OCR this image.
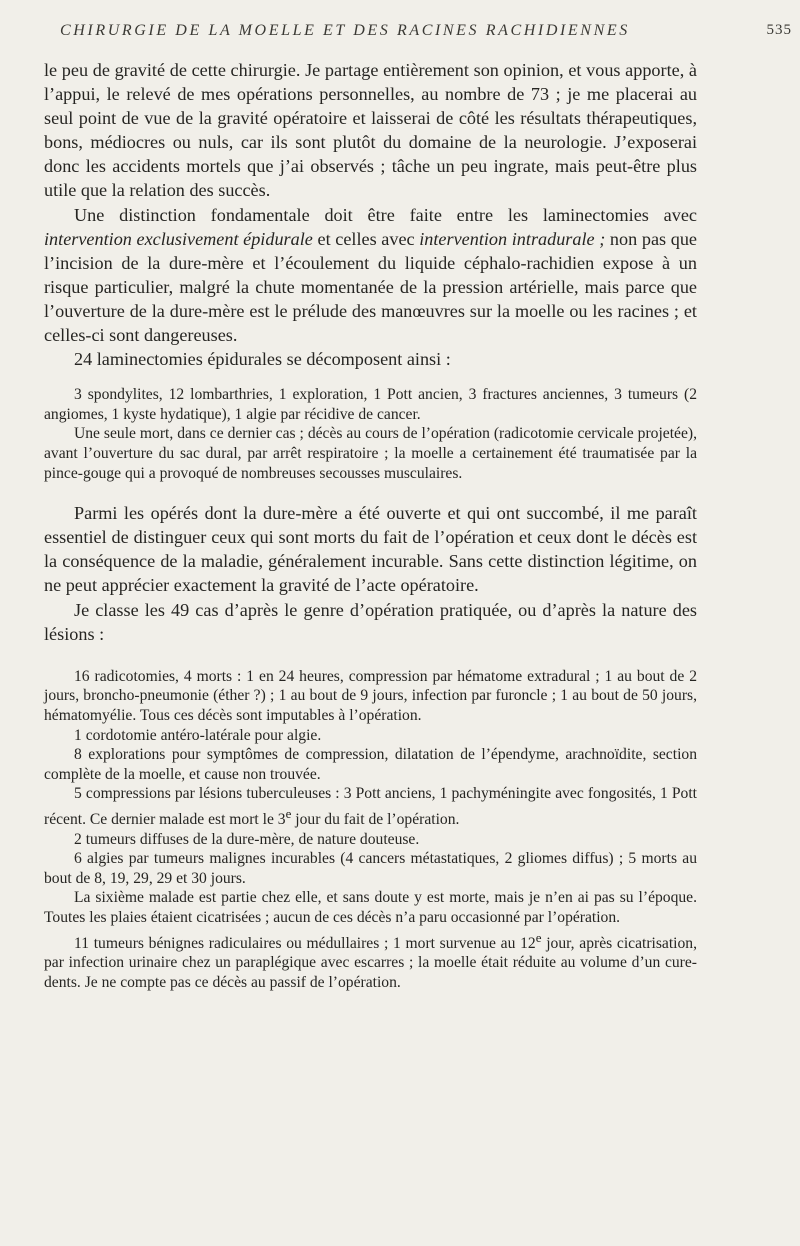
CHIRURGIE DE LA MOELLE ET DES RACINES RACHIDIENNES	535

le peu de gravité de cette chirurgie. Je partage entièrement son opinion, et vous apporte, à l’appui, le relevé de mes opérations personnelles, au nombre de 73 ; je me placerai au seul point de vue de la gravité opératoire et laisserai de côté les résultats thérapeutiques, bons, médiocres ou nuls, car ils sont plutôt du domaine de la neurologie. J’exposerai donc les accidents mortels que j’ai observés ; tâche un peu ingrate, mais peut-être plus utile que la relation des succès.

Une distinction fondamentale doit être faite entre les laminectomies avec intervention exclusivement épidurale et celles avec intervention intradurale ; non pas que l’incision de la dure-mère et l’écoulement du liquide céphalo-rachidien expose à un risque particulier, malgré la chute momentanée de la pression artérielle, mais parce que l’ouverture de la dure-mère est le prélude des manœuvres sur la moelle ou les racines ; et celles-ci sont dangereuses.

24 laminectomies épidurales se décomposent ainsi :

3 spondylites, 12 lombarthries, 1 exploration, 1 Pott ancien, 3 fractures anciennes, 3 tumeurs (2 angiomes, 1 kyste hydatique), 1 algie par récidive de cancer.

Une seule mort, dans ce dernier cas ; décès au cours de l’opération (radicotomie cervicale projetée), avant l’ouverture du sac dural, par arrêt respiratoire ; la moelle a certainement été traumatisée par la pince-gouge qui a provoqué de nombreuses secousses musculaires.

Parmi les opérés dont la dure-mère a été ouverte et qui ont succombé, il me paraît essentiel de distinguer ceux qui sont morts du fait de l’opération et ceux dont le décès est la conséquence de la maladie, généralement incurable. Sans cette distinction légitime, on ne peut apprécier exactement la gravité de l’acte opératoire.

Je classe les 49 cas d’après le genre d’opération pratiquée, ou d’après la nature des lésions :

16 radicotomies, 4 morts : 1 en 24 heures, compression par hématome extradural ; 1 au bout de 2 jours, broncho-pneumonie (éther ?) ; 1 au bout de 9 jours, infection par furoncle ; 1 au bout de 50 jours, hématomyélie. Tous ces décès sont imputables à l’opération.

1 cordotomie antéro-latérale pour algie.

8 explorations pour symptômes de compression, dilatation de l’épendyme, arachnoïdite, section complète de la moelle, et cause non trouvée.

5 compressions par lésions tuberculeuses : 3 Pott anciens, 1 pachyméningite avec fongosités, 1 Pott récent. Ce dernier malade est mort le 3e jour du fait de l’opération.

2 tumeurs diffuses de la dure-mère, de nature douteuse.

6 algies par tumeurs malignes incurables (4 cancers métastatiques, 2 gliomes diffus) ; 5 morts au bout de 8, 19, 29, 29 et 30 jours.

La sixième malade est partie chez elle, et sans doute y est morte, mais je n’en ai pas su l’époque. Toutes les plaies étaient cicatrisées ; aucun de ces décès n’a paru occasionné par l’opération.

11 tumeurs bénignes radiculaires ou médullaires ; 1 mort survenue au 12e jour, après cicatrisation, par infection urinaire chez un paraplégique avec escarres ; la moelle était réduite au volume d’un cure-dents. Je ne compte pas ce décès au passif de l’opération.
